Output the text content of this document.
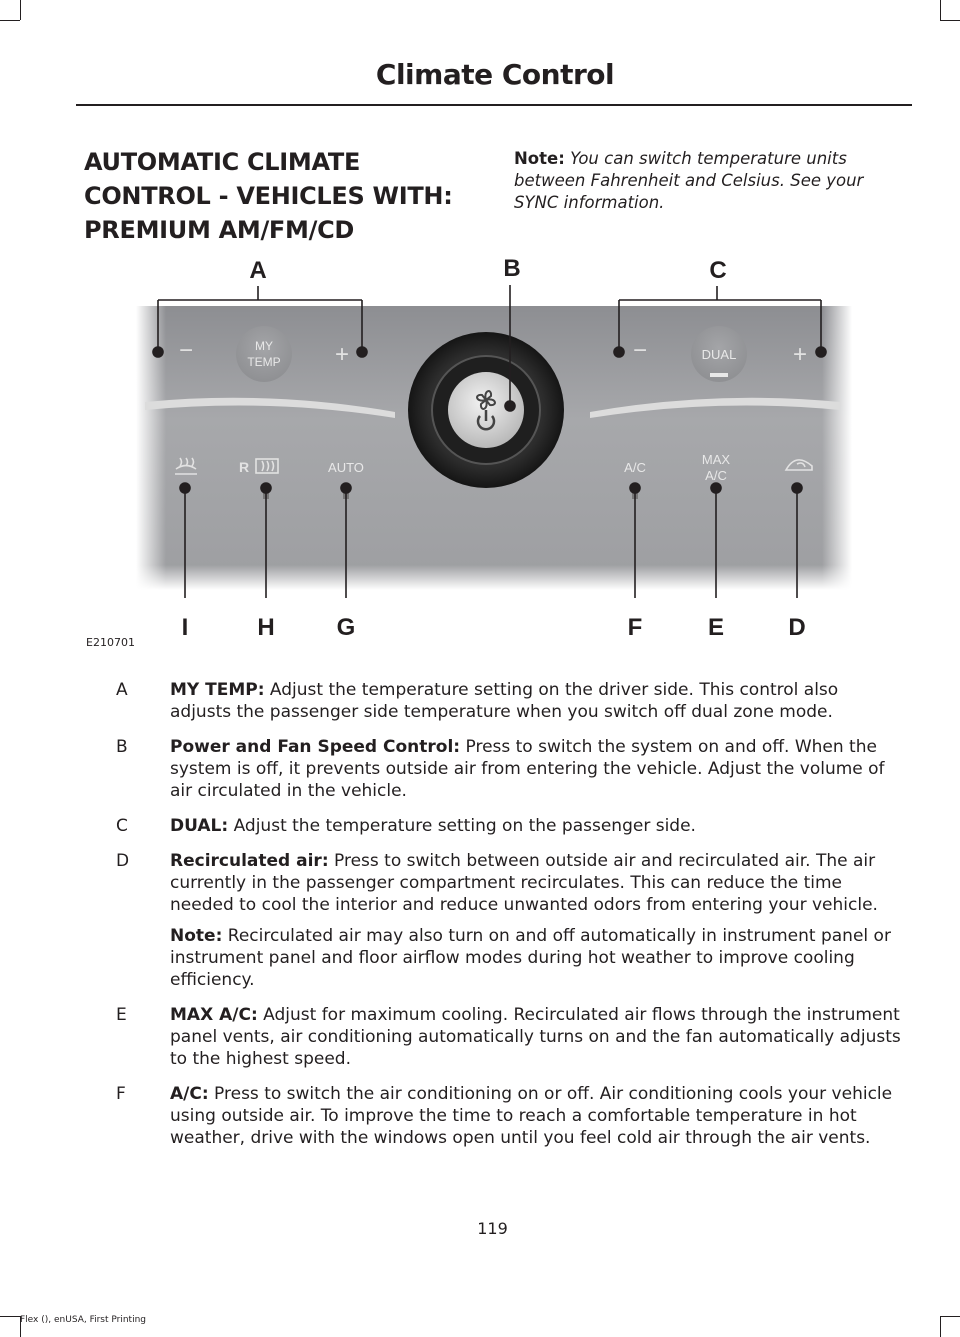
Climate Control
AUTOMATIC CLIMATE
CONTROL - VEHICLES WITH:
PREMIUM AM/FM/CD
Note: You can switch temperature units between Fahrenheit and Celsius. See your SYNC information.
−	MY
TEMP +	−	DUAL +
R	AUTO	A/C
MAX
A/C
A	B	C
D
E
F
G
H
I
E210701
A	MY TEMP: Adjust the temperature setting on the driver side. This control also adjusts the passenger side temperature when you switch off dual zone mode.
B	Power and Fan Speed Control: Press to switch the system on and off. When the system is off, it prevents outside air from entering the vehicle. Adjust the volume of air circulated in the vehicle.
C	DUAL: Adjust the temperature setting on the passenger side.
D	Recirculated air: Press to switch between outside air and recirculated air. The air currently in the passenger compartment recirculates. This can reduce the time needed to cool the interior and reduce unwanted odors from entering your vehicle.
Note: Recirculated air may also turn on and off automatically in instrument panel or instrument panel and floor airflow modes during hot weather to improve cooling efficiency.
E	MAX A/C: Adjust for maximum cooling. Recirculated air flows through the instrument panel vents, air conditioning automatically turns on and the fan automatically adjusts to the highest speed.
F	A/C: Press to switch the air conditioning on or off. Air conditioning cools your vehicle using outside air. To improve the time to reach a comfortable temperature in hot weather, drive with the windows open until you feel cold air through the air vents.
119
Flex (), enUSA, First Printing
